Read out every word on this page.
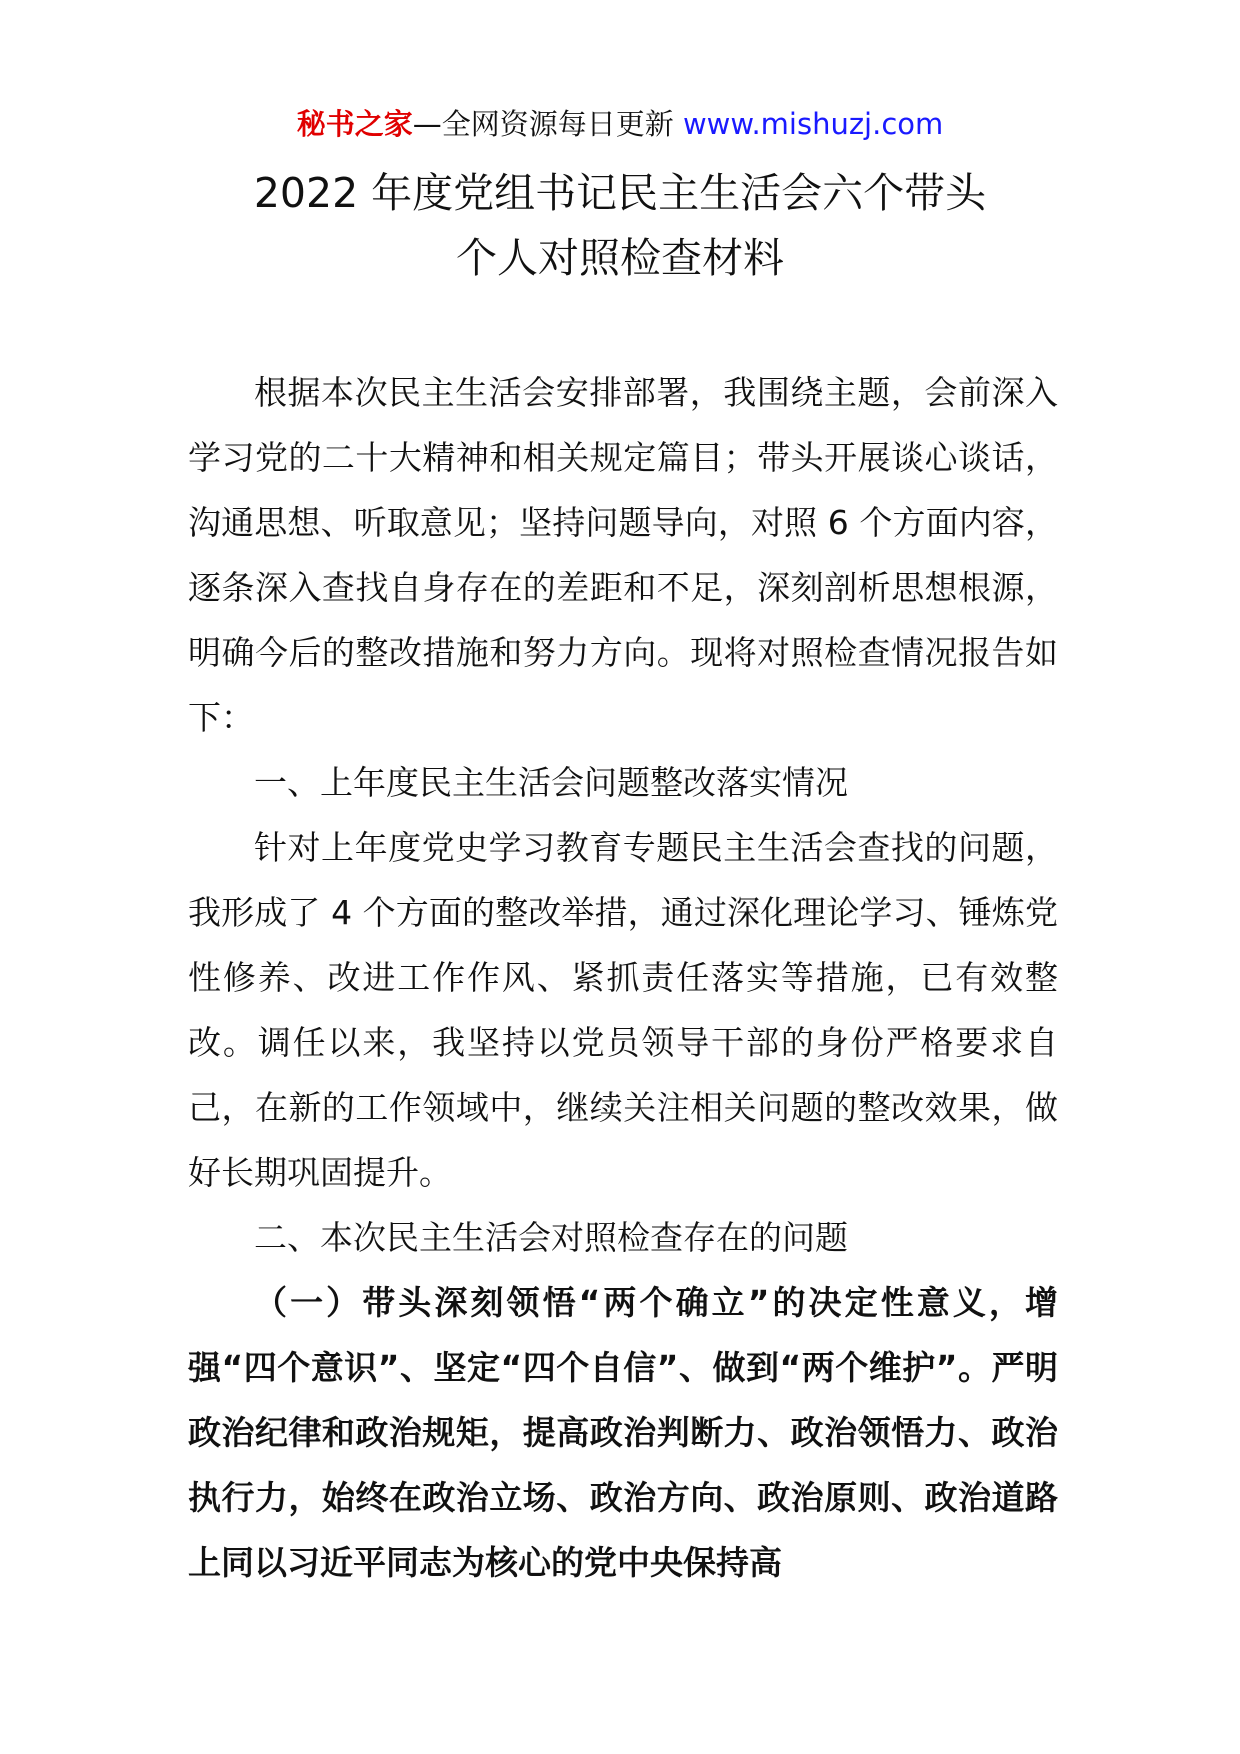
秘书之家—全网资源每日更新 www.mishuzj.com
2022 年度党组书记民主生活会六个带头
个人对照检查材料

根据本次民主生活会安排部署，我围绕主题，会前深入学习党的二十大精神和相关规定篇目；带头开展谈心谈话，沟通思想、听取意见；坚持问题导向，对照 6 个方面内容，逐条深入查找自身存在的差距和不足，深刻剖析思想根源，明确今后的整改措施和努力方向。现将对照检查情况报告如下：

一、上年度民主生活会问题整改落实情况

针对上年度党史学习教育专题民主生活会查找的问题，我形成了 4 个方面的整改举措，通过深化理论学习、锤炼党性修养、改进工作作风、紧抓责任落实等措施，已有效整改。调任以来，我坚持以党员领导干部的身份严格要求自己，在新的工作领域中，继续关注相关问题的整改效果，做好长期巩固提升。

二、本次民主生活会对照检查存在的问题

（一）带头深刻领悟“两个确立”的决定性意义，增强“四个意识”、坚定“四个自信”、做到“两个维护”。严明政治纪律和政治规矩，提高政治判断力、政治领悟力、政治执行力，始终在政治立场、政治方向、政治原则、政治道路上同以习近平同志为核心的党中央保持高
